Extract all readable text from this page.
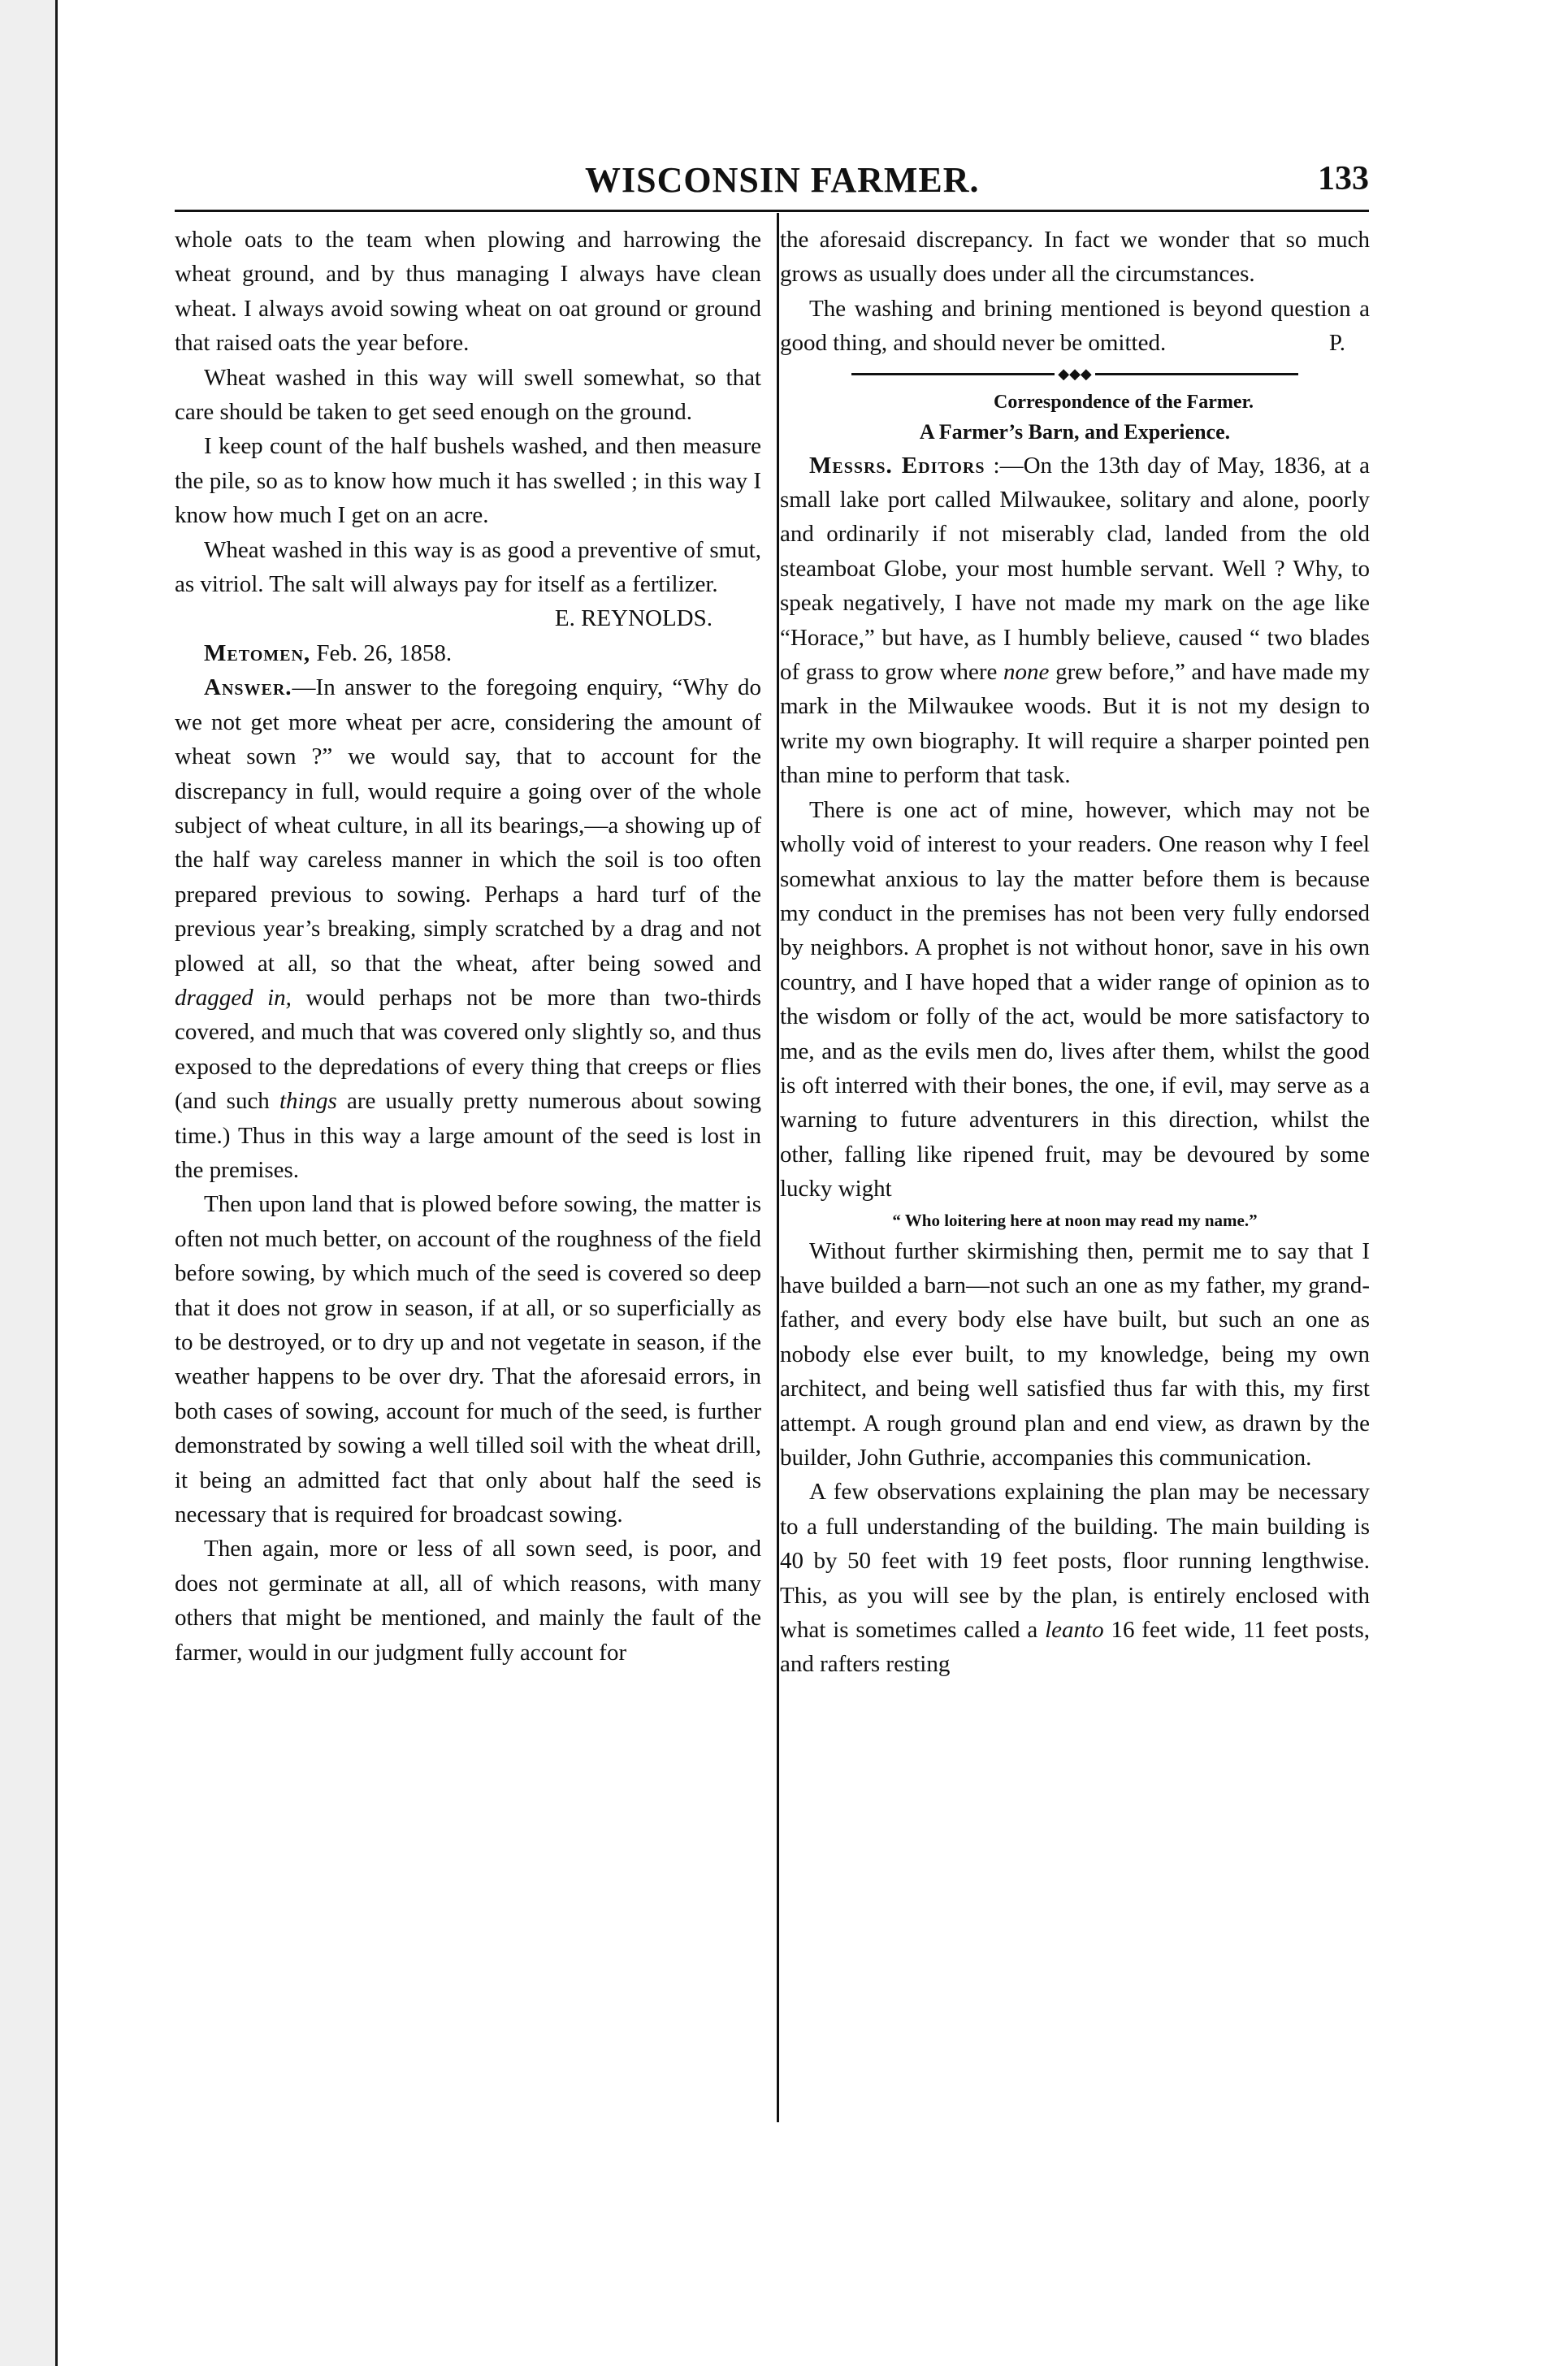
WISCONSIN FARMER.	133

whole oats to the team when plowing and harrowing the wheat ground, and by thus managing I always have clean wheat. I always avoid sowing wheat on oat ground or ground that raised oats the year before.

Wheat washed in this way will swell somewhat, so that care should be taken to get seed enough on the ground.

I keep count of the half bushels washed, and then measure the pile, so as to know how much it has swelled ; in this way I know how much I get on an acre.

Wheat washed in this way is as good a preventive of smut, as vitriol. The salt will always pay for itself as a fertilizer.

E. REYNOLDS.

Metomen, Feb. 26, 1858.

Answer.—In answer to the foregoing enquiry, “Why do we not get more wheat per acre, considering the amount of wheat sown ?” we would say, that to account for the discrepancy in full, would require a going over of the whole subject of wheat culture, in all its bearings,—a showing up of the half way careless manner in which the soil is too often prepared previous to sowing. Perhaps a hard turf of the previous year’s breaking, simply scratched by a drag and not plowed at all, so that the wheat, after being sowed and dragged in, would perhaps not be more than two-thirds covered, and much that was covered only slightly so, and thus exposed to the depredations of every thing that creeps or flies (and such things are usually pretty numerous about sowing time.) Thus in this way a large amount of the seed is lost in the premises.

Then upon land that is plowed before sowing, the matter is often not much better, on account of the roughness of the field before sowing, by which much of the seed is covered so deep that it does not grow in season, if at all, or so superficially as to be destroyed, or to dry up and not vegetate in season, if the weather happens to be over dry. That the aforesaid errors, in both cases of sowing, account for much of the seed, is further demonstrated by sowing a well tilled soil with the wheat drill, it being an admitted fact that only about half the seed is necessary that is required for broadcast sowing.

Then again, more or less of all sown seed, is poor, and does not germinate at all, all of which reasons, with many others that might be mentioned, and mainly the fault of the farmer, would in our judgment fully account for

the aforesaid discrepancy. In fact we wonder that so much grows as usually does under all the circumstances.

The washing and brining mentioned is beyond question a good thing, and should never be omitted.	P.

◆◆◆

Correspondence of the Farmer.

A Farmer’s Barn, and Experience.

Messrs. Editors :—On the 13th day of May, 1836, at a small lake port called Milwaukee, solitary and alone, poorly and ordinarily if not miserably clad, landed from the old steamboat Globe, your most humble servant. Well ? Why, to speak negatively, I have not made my mark on the age like “Horace,” but have, as I humbly believe, caused “ two blades of grass to grow where none grew before,” and have made my mark in the Milwaukee woods. But it is not my design to write my own biography. It will require a sharper pointed pen than mine to perform that task.

There is one act of mine, however, which may not be wholly void of interest to your readers. One reason why I feel somewhat anxious to lay the matter before them is because my conduct in the premises has not been very fully endorsed by neighbors. A prophet is not without honor, save in his own country, and I have hoped that a wider range of opinion as to the wisdom or folly of the act, would be more satisfactory to me, and as the evils men do, lives after them, whilst the good is oft interred with their bones, the one, if evil, may serve as a warning to future adventurers in this direction, whilst the other, falling like ripened fruit, may be devoured by some lucky wight

“ Who loitering here at noon may read my name.”

Without further skirmishing then, permit me to say that I have builded a barn—not such an one as my father, my grand-father, and every body else have built, but such an one as nobody else ever built, to my knowledge, being my own architect, and being well satisfied thus far with this, my first attempt. A rough ground plan and end view, as drawn by the builder, John Guthrie, accompanies this communication.

A few observations explaining the plan may be necessary to a full understanding of the building. The main building is 40 by 50 feet with 19 feet posts, floor running lengthwise. This, as you will see by the plan, is entirely enclosed with what is sometimes called a leanto 16 feet wide, 11 feet posts, and rafters resting
